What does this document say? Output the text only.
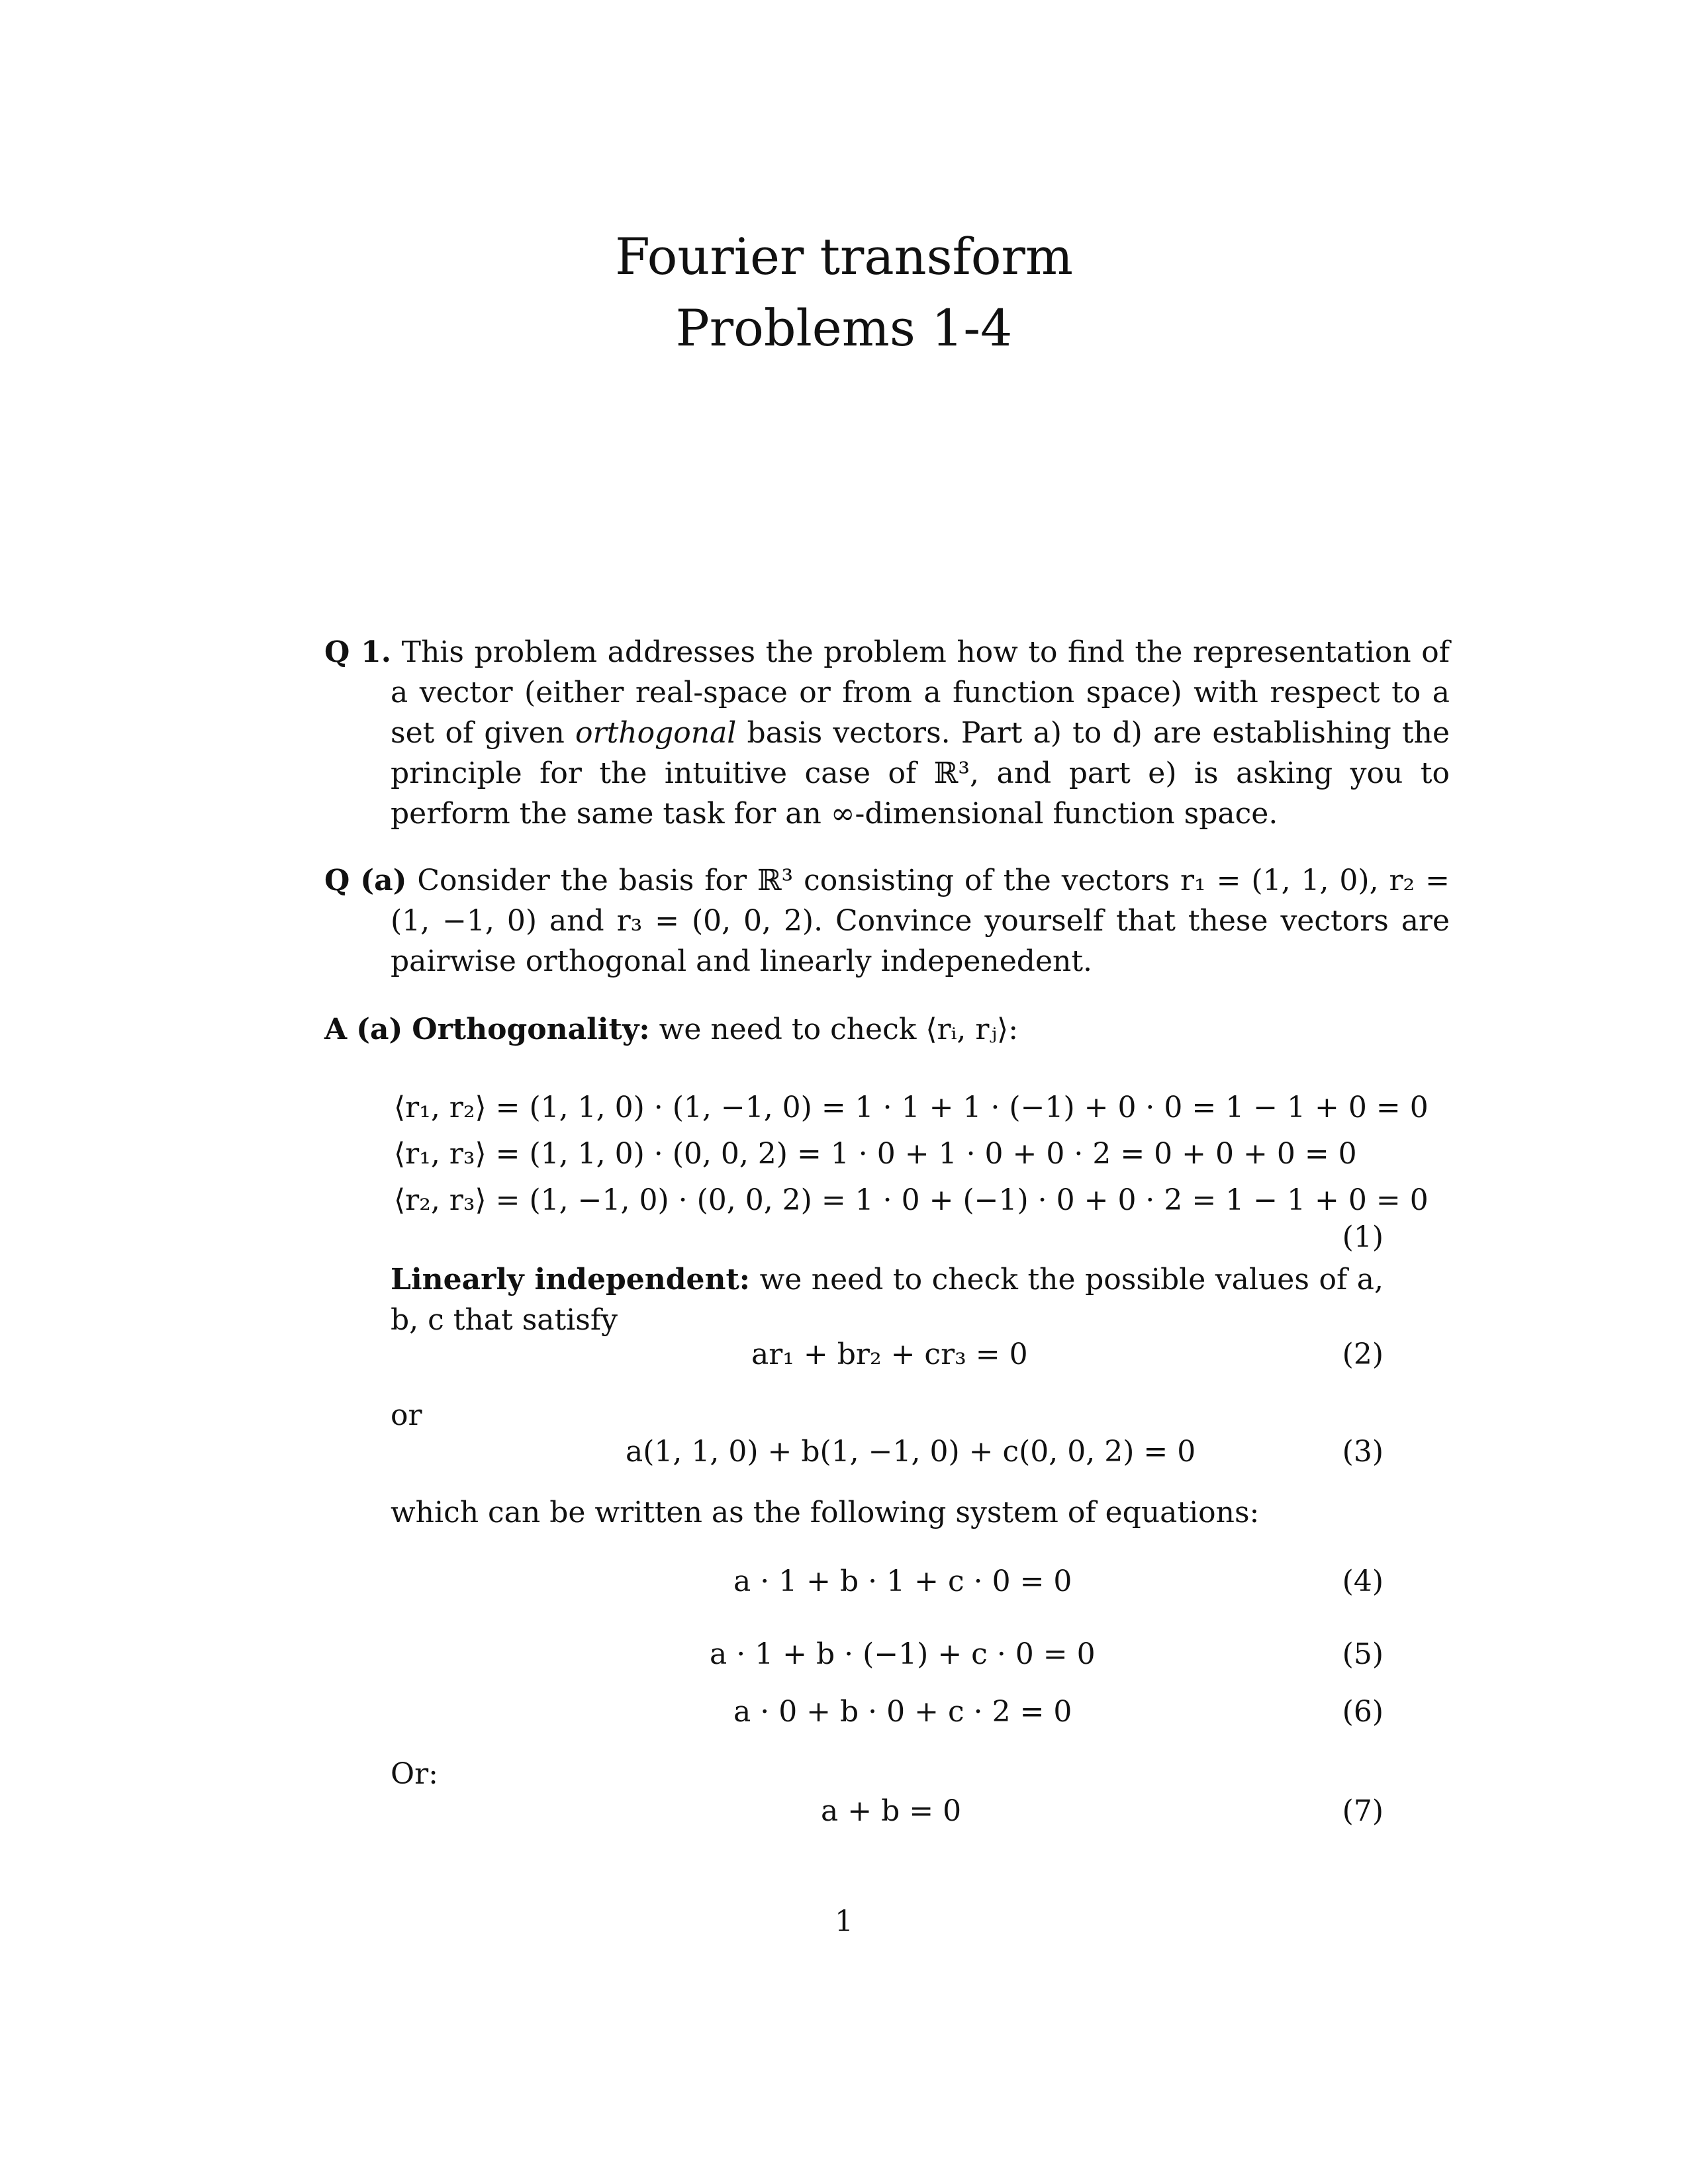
Fourier transform
Problems 1-4

Q 1. This problem addresses the problem how to find the representation of a vector (either real-space or from a function space) with respect to a set of given orthogonal basis vectors. Part a) to d) are establishing the principle for the intuitive case of ℝ³, and part e) is asking you to perform the same task for an ∞-dimensional function space.

Q (a) Consider the basis for ℝ³ consisting of the vectors r₁ = (1, 1, 0), r₂ = (1, −1, 0) and r₃ = (0, 0, 2). Convince yourself that these vectors are pairwise orthogonal and linearly indepenedent.

A (a) Orthogonality: we need to check ⟨rᵢ, rⱼ⟩:
⟨r₁, r₂⟩ = (1, 1, 0) · (1, −1, 0) = 1 · 1 + 1 · (−1) + 0 · 0 = 1 − 1 + 0 = 0
⟨r₁, r₃⟩ = (1, 1, 0) · (0, 0, 2) = 1 · 0 + 1 · 0 + 0 · 2 = 0 + 0 + 0 = 0
⟨r₂, r₃⟩ = (1, −1, 0) · (0, 0, 2) = 1 · 0 + (−1) · 0 + 0 · 2 = 1 − 1 + 0 = 0
(1)

Linearly independent: we need to check the possible values of a, b, c that satisfy

ar₁ + br₂ + cr₃ = 0	(2)
or
a(1, 1, 0) + b(1, −1, 0) + c(0, 0, 2) = 0	(3)
which can be written as the following system of equations:
a · 1 + b · 1 + c · 0 = 0	(4)
a · 1 + b · (−1) + c · 0 = 0	(5)
a · 0 + b · 0 + c · 2 = 0	(6)
Or:
a + b = 0	(7)
1
